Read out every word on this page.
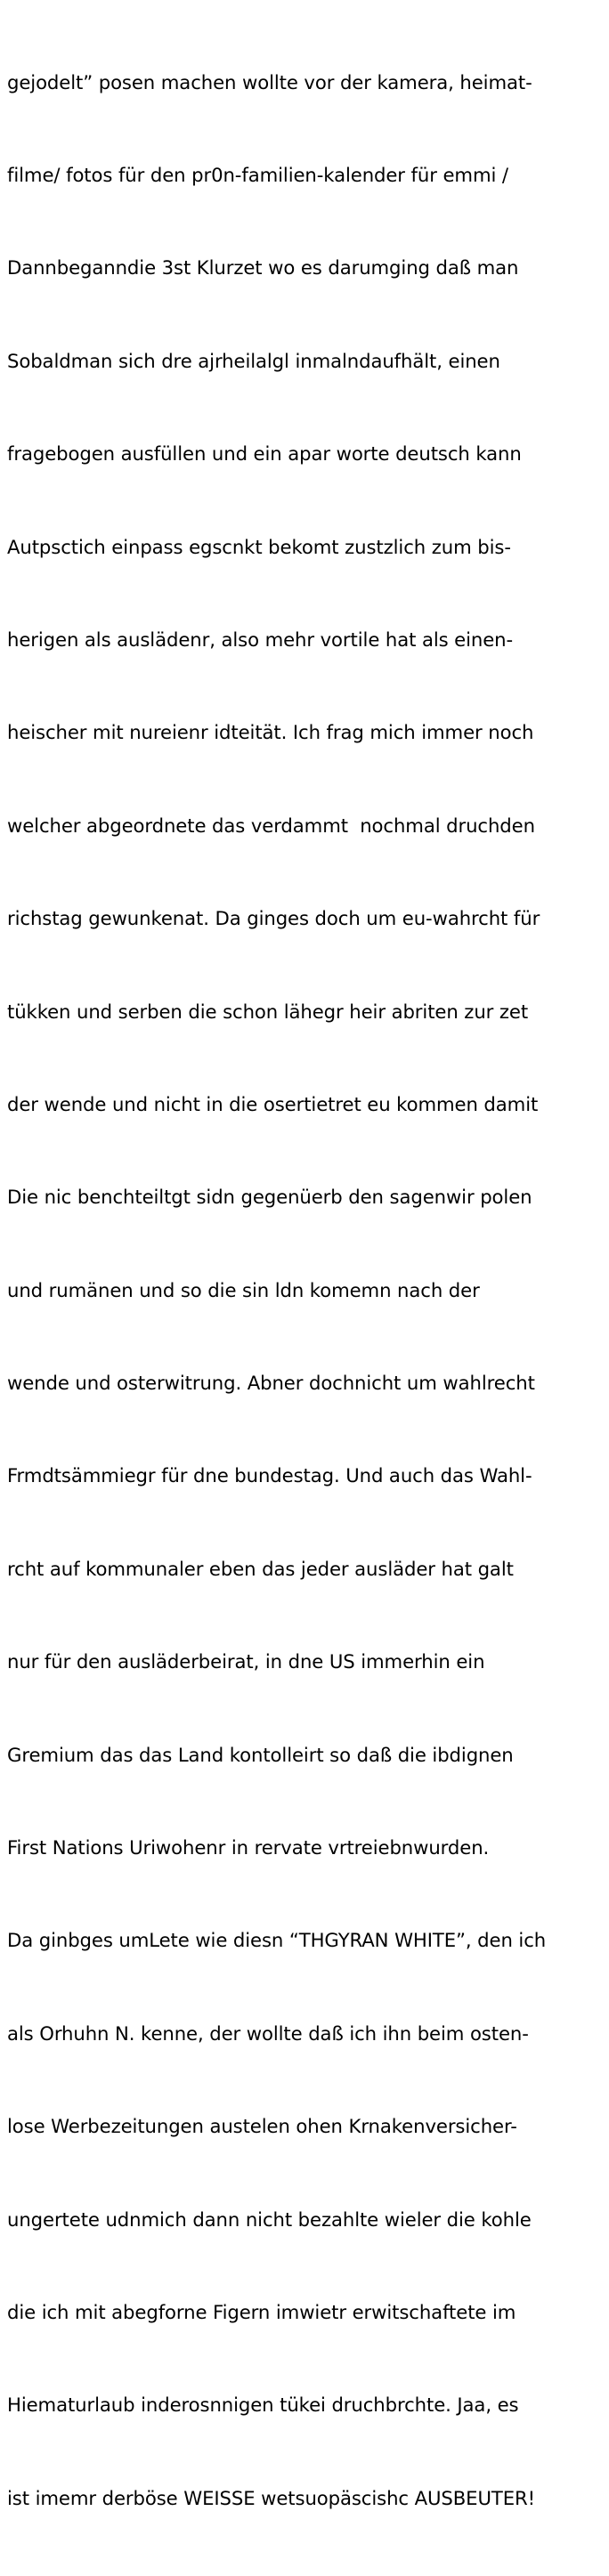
gejodelt” posen machen wollte vor der kamera, heimat-

filme/ fotos für den pr0n-familien-kalender für emmi /

Dannbeganndie 3st Klurzet wo es darumging daß man

Sobaldman sich dre ajrheilalgl inmalndaufhält, einen

fragebogen ausfüllen und ein apar worte deutsch kann

Autpsctich einpass egscnkt bekomt zustzlich zum bis-

herigen als auslädenr, also mehr vortile hat als einen-

heischer mit nureienr idteität. Ich frag mich immer noch

welcher abgeordnete das verdammt  nochmal druchden

richstag gewunkenat. Da ginges doch um eu-wahrcht für

tükken und serben die schon lähegr heir abriten zur zet

der wende und nicht in die osertietret eu kommen damit

Die nic benchteiltgt sidn gegenüerb den sagenwir polen

und rumänen und so die sin ldn komemn nach der

wende und osterwitrung. Abner dochnicht um wahlrecht

Frmdtsämmiegr für dne bundestag. Und auch das Wahl-

rcht auf kommunaler eben das jeder ausläder hat galt

nur für den ausläderbeirat, in dne US immerhin ein

Gremium das das Land kontolleirt so daß die ibdignen

First Nations Uriwohenr in rervate vrtreiebnwurden.

Da ginbges umLete wie diesn “THGYRAN WHITE”, den ich

als Orhuhn N. kenne, der wollte daß ich ihn beim osten-

lose Werbezeitungen austelen ohen Krnakenversicher-

ungertete udnmich dann nicht bezahlte wieler die kohle

die ich mit abegforne Figern imwietr erwitschaftete im

Hiematurlaub inderosnnigen tükei druchbrchte. Jaa, es

ist imemr derböse WEISSE wetsuopäscishc AUSBEUTER!
